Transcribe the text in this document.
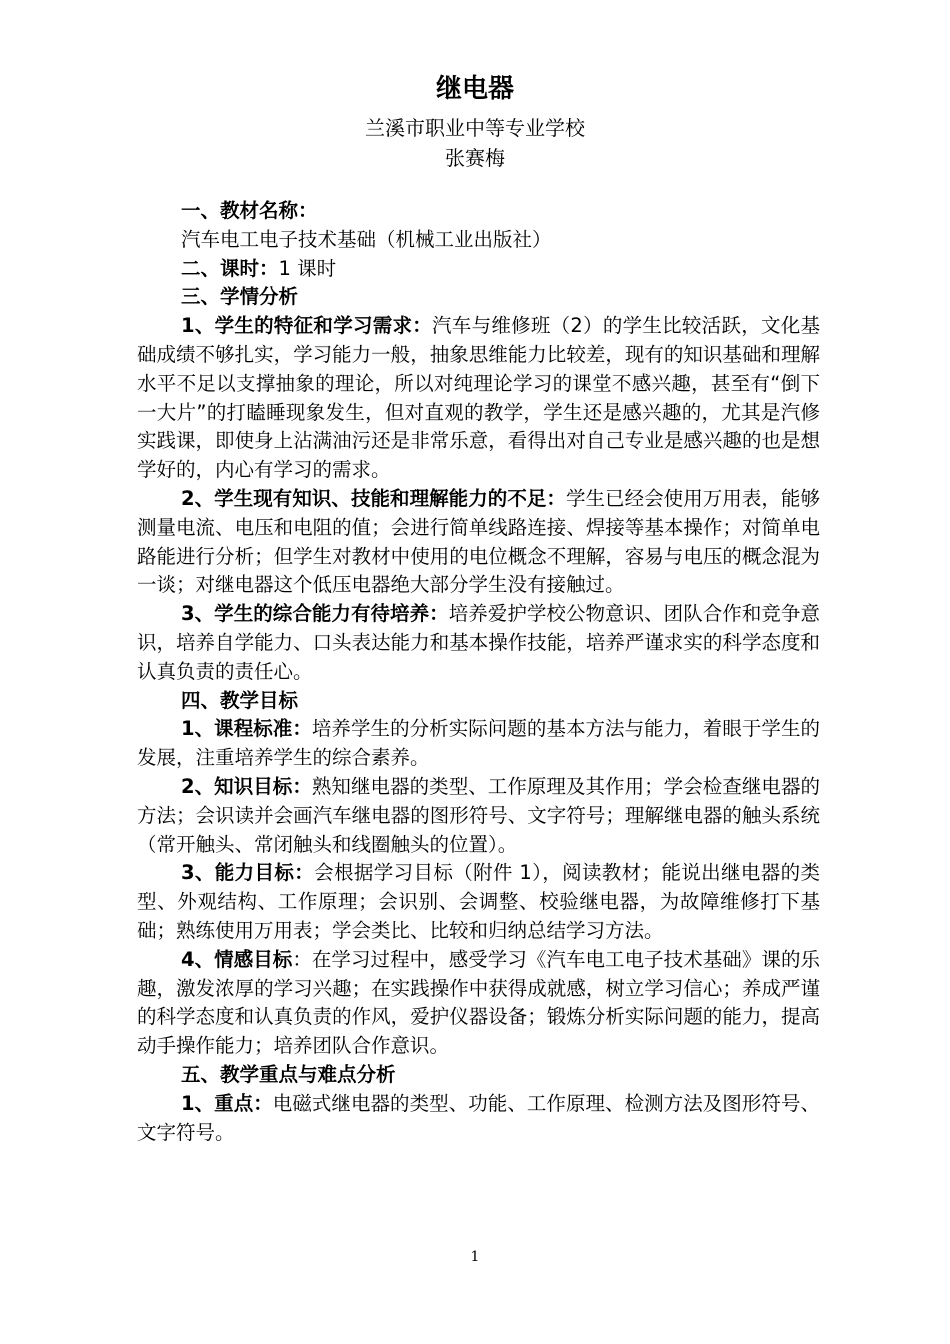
继电器
兰溪市职业中等专业学校
张赛梅

一、教材名称：

汽车电工电子技术基础（机械工业出版社）

二、课时：1 课时

三、学情分析

1、学生的特征和学习需求：汽车与维修班（2）的学生比较活跃，文化基础成绩不够扎实，学习能力一般，抽象思维能力比较差，现有的知识基础和理解水平不足以支撑抽象的理论，所以对纯理论学习的课堂不感兴趣，甚至有“倒下一大片”的打瞌睡现象发生，但对直观的教学，学生还是感兴趣的，尤其是汽修实践课，即使身上沾满油污还是非常乐意，看得出对自己专业是感兴趣的也是想学好的，内心有学习的需求。

2、学生现有知识、技能和理解能力的不足：学生已经会使用万用表，能够测量电流、电压和电阻的值；会进行简单线路连接、焊接等基本操作；对简单电路能进行分析；但学生对教材中使用的电位概念不理解，容易与电压的概念混为一谈；对继电器这个低压电器绝大部分学生没有接触过。

3、学生的综合能力有待培养：培养爱护学校公物意识、团队合作和竞争意识，培养自学能力、口头表达能力和基本操作技能，培养严谨求实的科学态度和认真负责的责任心。

四、教学目标

1、课程标准：培养学生的分析实际问题的基本方法与能力，着眼于学生的发展，注重培养学生的综合素养。

2、知识目标：熟知继电器的类型、工作原理及其作用；学会检查继电器的方法；会识读并会画汽车继电器的图形符号、文字符号；理解继电器的触头系统（常开触头、常闭触头和线圈触头的位置）。

3、能力目标：会根据学习目标（附件 1），阅读教材；能说出继电器的类型、外观结构、工作原理；会识别、会调整、校验继电器，为故障维修打下基础；熟练使用万用表；学会类比、比较和归纳总结学习方法。

4、情感目标：在学习过程中，感受学习《汽车电工电子技术基础》课的乐趣，激发浓厚的学习兴趣；在实践操作中获得成就感，树立学习信心；养成严谨的科学态度和认真负责的作风，爱护仪器设备；锻炼分析实际问题的能力，提高动手操作能力；培养团队合作意识。

五、教学重点与难点分析

1、重点：电磁式继电器的类型、功能、工作原理、检测方法及图形符号、文字符号。

1
